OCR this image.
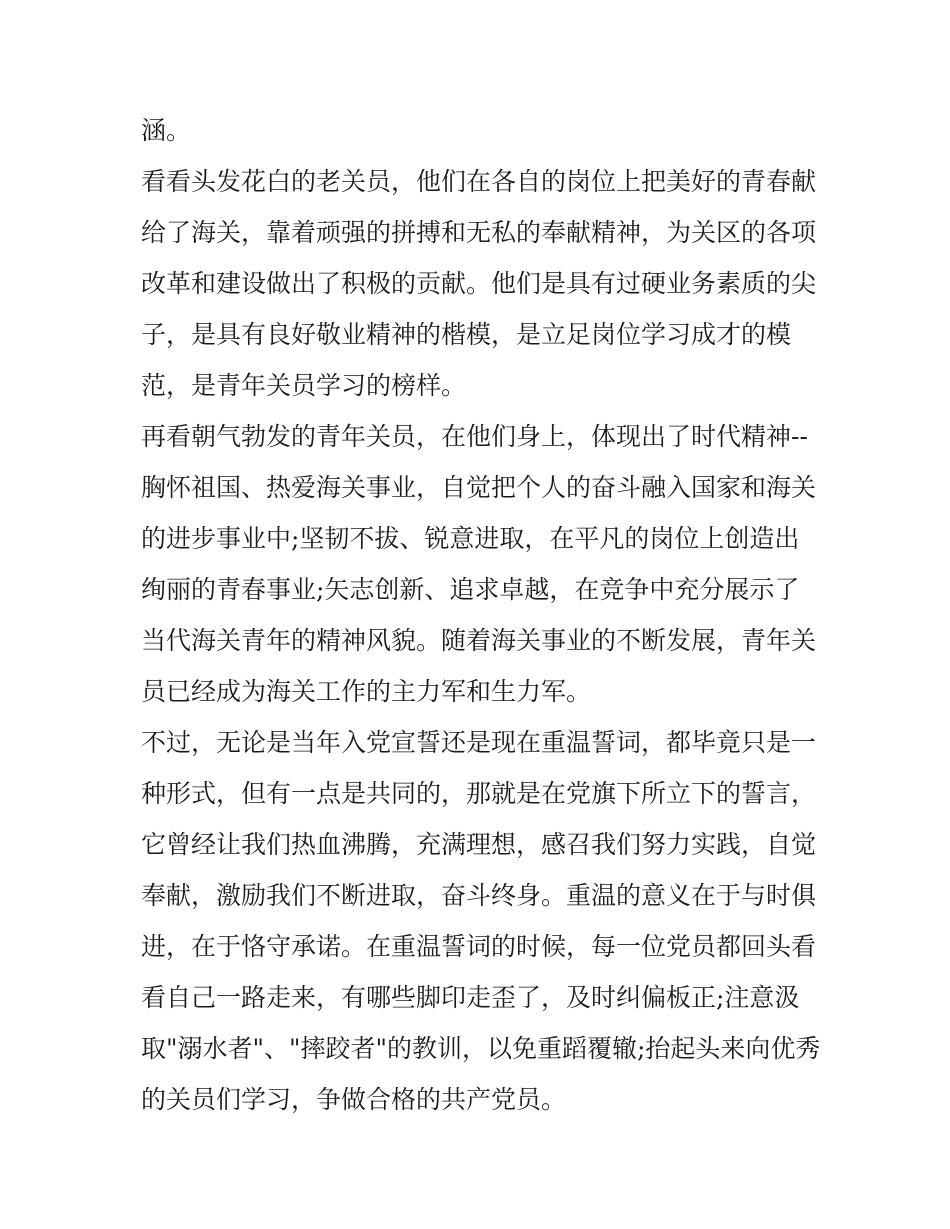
涵。
看看头发花白的老关员，他们在各自的岗位上把美好的青春献
给了海关，靠着顽强的拼搏和无私的奉献精神，为关区的各项
改革和建设做出了积极的贡献。他们是具有过硬业务素质的尖
子，是具有良好敬业精神的楷模，是立足岗位学习成才的模
范，是青年关员学习的榜样。
再看朝气勃发的青年关员，在他们身上，体现出了时代精神--
胸怀祖国、热爱海关事业，自觉把个人的奋斗融入国家和海关
的进步事业中;坚韧不拔、锐意进取，在平凡的岗位上创造出
绚丽的青春事业;矢志创新、追求卓越，在竞争中充分展示了
当代海关青年的精神风貌。随着海关事业的不断发展，青年关
员已经成为海关工作的主力军和生力军。
不过，无论是当年入党宣誓还是现在重温誓词，都毕竟只是一
种形式，但有一点是共同的，那就是在党旗下所立下的誓言，
它曾经让我们热血沸腾，充满理想，感召我们努力实践，自觉
奉献，激励我们不断进取，奋斗终身。重温的意义在于与时俱
进，在于恪守承诺。在重温誓词的时候，每一位党员都回头看
看自己一路走来，有哪些脚印走歪了，及时纠偏板正;注意汲
取"溺水者"、"摔跤者"的教训，以免重蹈覆辙;抬起头来向优秀
的关员们学习，争做合格的共产党员。
